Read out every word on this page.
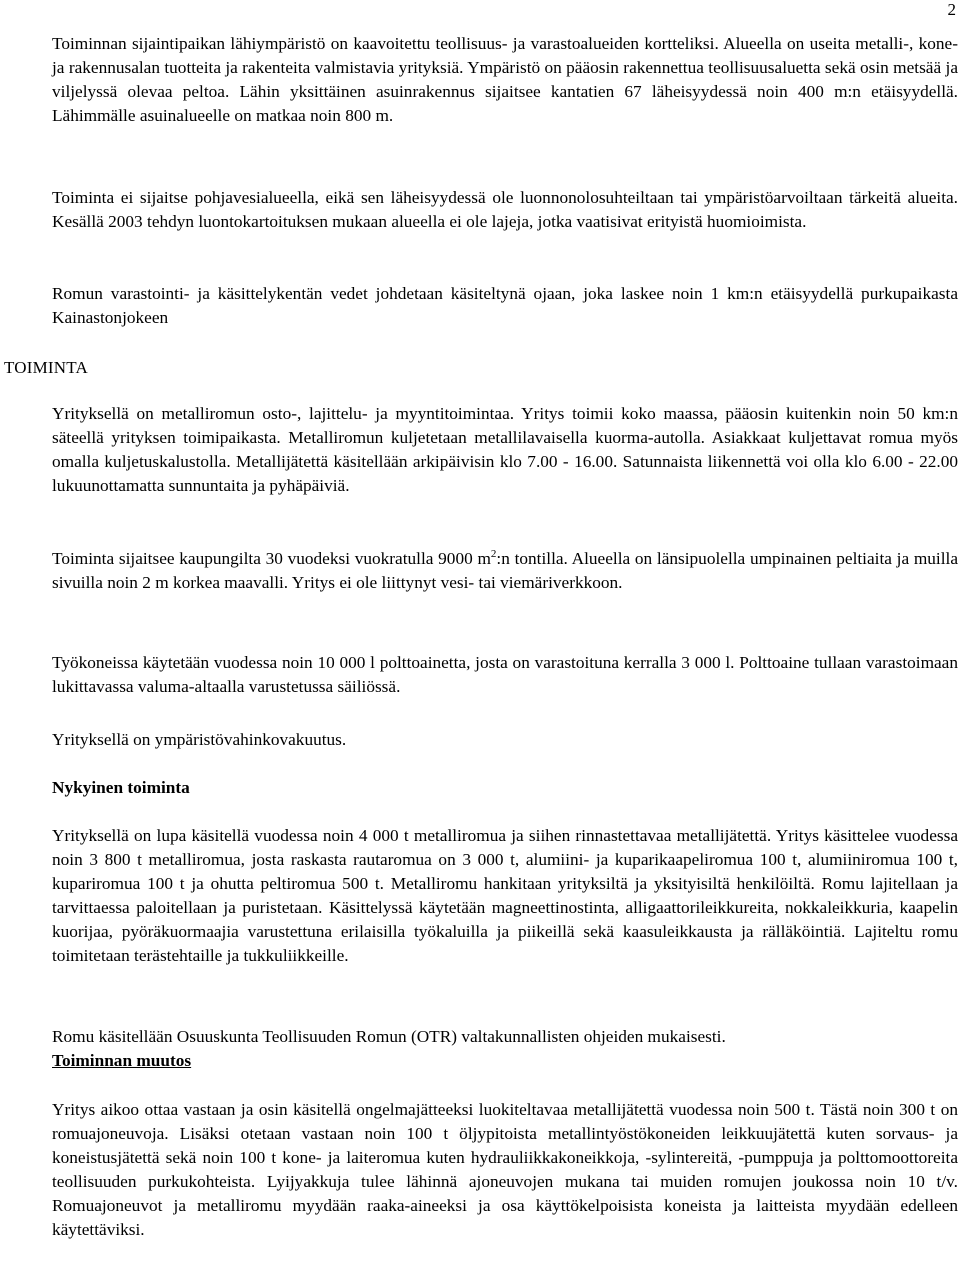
2

Toiminnan sijaintipaikan lähiympäristö on kaavoitettu teollisuus- ja varastoalueiden kortteliksi. Alueella on useita metalli-, kone- ja rakennusalan tuotteita ja rakenteita valmistavia yrityksiä. Ympäristö on pääosin rakennettua teollisuusaluetta sekä osin metsää ja viljelyssä olevaa peltoa. Lähin yksittäinen asuinrakennus sijaitsee kantatien 67 läheisyydessä noin 400 m:n etäisyydellä. Lähimmälle asuinalueelle on matkaa noin 800 m.

Toiminta ei sijaitse pohjavesialueella, eikä sen läheisyydessä ole luonnonolosuhteiltaan tai ympäristöarvoiltaan tärkeitä alueita. Kesällä 2003 tehdyn luontokartoituksen mukaan alueella ei ole lajeja, jotka vaatisivat erityistä huomioimista.

Romun varastointi- ja käsittelykentän vedet johdetaan käsiteltynä ojaan, joka laskee noin 1 km:n etäisyydellä purkupaikasta Kainastonjokeen

TOIMINTA

Yrityksellä on metalliromun osto-, lajittelu- ja myyntitoimintaa. Yritys toimii koko maassa, pääosin kuitenkin noin 50 km:n säteellä yrityksen toimipaikasta. Metalliromun kuljetetaan metallilavaisella kuorma-autolla. Asiakkaat kuljettavat romua myös omalla kuljetuskalustolla. Metallijätettä käsitellään arkipäivisin klo 7.00 - 16.00. Satunnaista liikennettä voi olla klo 6.00 - 22.00 lukuunottamatta sunnuntaita ja pyhäpäiviä.

Toiminta sijaitsee kaupungilta 30 vuodeksi vuokratulla 9000 $m^2:n$ tontilla. Alueella on länsipuolella umpinainen peltiaita ja muilla sivuilla noin 2 m korkea maavalli. Yritys ei ole liittynyt vesi- tai viemäriverkkoon.

Työkoneissa käytetään vuodessa noin 10 000 l polttoainetta, josta on varastoituna kerralla 3 000 l. Polttoaine tullaan varastoimaan lukittavassa valuma-altaalla varustetussa säiliössä.

Yrityksellä on ympäristövahinkovakuutus.

Nykyinen toiminta

Yrityksellä on lupa käsitellä vuodessa noin 4 000 t metalliromua ja siihen rinnastettavaa metallijätettä. Yritys käsittelee vuodessa noin 3 800 t metalliromua, josta raskasta rautaromua on 3 000 t, alumiini- ja kuparikaapeliromua 100 t, alumiiniromua 100 t, kupariromua 100 t ja ohutta peltiromua 500 t. Metalliromu hankitaan yrityksiltä ja yksityisiltä henkilöiltä. Romu lajitellaan ja tarvittaessa paloitellaan ja puristetaan. Käsittelyssä käytetään magneettinostinta, alligaattorileikkureita, nokkaleikkuria, kaapelin kuorijaa, pyöräkuormaajia varustettuna erilaisilla työkaluilla ja piikeillä sekä kaasuleikkausta ja rälläköintiä. Lajiteltu romu toimitetaan terästehtaille ja tukkuliikkeille.

Romu käsitellään Osuuskunta Teollisuuden Romun (OTR) valtakunnallisten ohjeiden mukaisesti.

Toiminnan muutos

Yritys aikoo ottaa vastaan ja osin käsitellä ongelmajätteeksi luokiteltavaa metallijätettä vuodessa noin 500 t. Tästä noin 300 t on romuajoneuvoja. Lisäksi otetaan vastaan noin 100 t öljypitoista metallintyöstökoneiden leikkuujätettä kuten sorvaus- ja koneistusjätettä sekä noin 100 t kone- ja laiteromua kuten hydrauliikkakoneikkoja, -sylintereitä, -pumppuja ja polttomoottoreita teollisuuden purkukohteista. Lyijyakkuja tulee lähinnä ajoneuvojen mukana tai muiden romujen joukossa noin 10 t/v. Romuajoneuvot ja metalliromu myydään raaka-aineeksi ja osa käyttökelpoisista koneista ja laitteista myydään edelleen käytettäviksi.
